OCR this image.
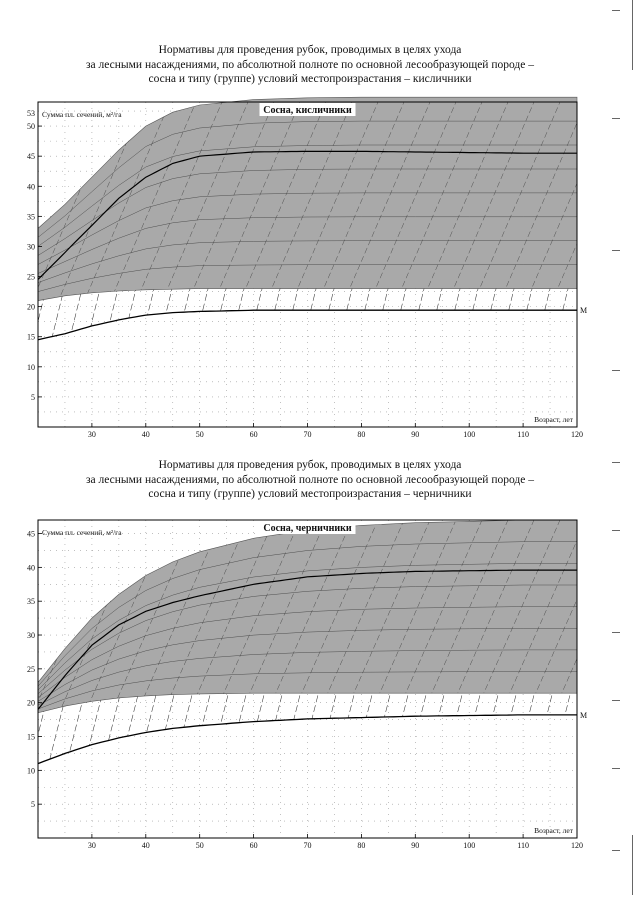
Нормативы для проведения рубок, проводимых в целях ухода
за лесными насаждениями, по абсолютной полноте по основной лесообразующей породе –
сосна и типу (группе) условий местопроизрастания – кисличники
М
30	40	50	60	70	80	90	100	110	120
5
10
15
20
25
30
35
40
45
50
53 Сумма пл. сечений, м²/га
Возраст, лет
Сосна, кисличники
Нормативы для проведения рубок, проводимых в целях ухода
за лесными насаждениями, по абсолютной полноте по основной лесообразующей породе –
сосна и типу (группе) условий местопроизрастания – черничники
М
30	40	50	60	70	80	90	100	110	120
5
10
15
20
25
30
35
40
45 Сумма пл. сечений, м²/га
Возраст, лет
Сосна, черничники
